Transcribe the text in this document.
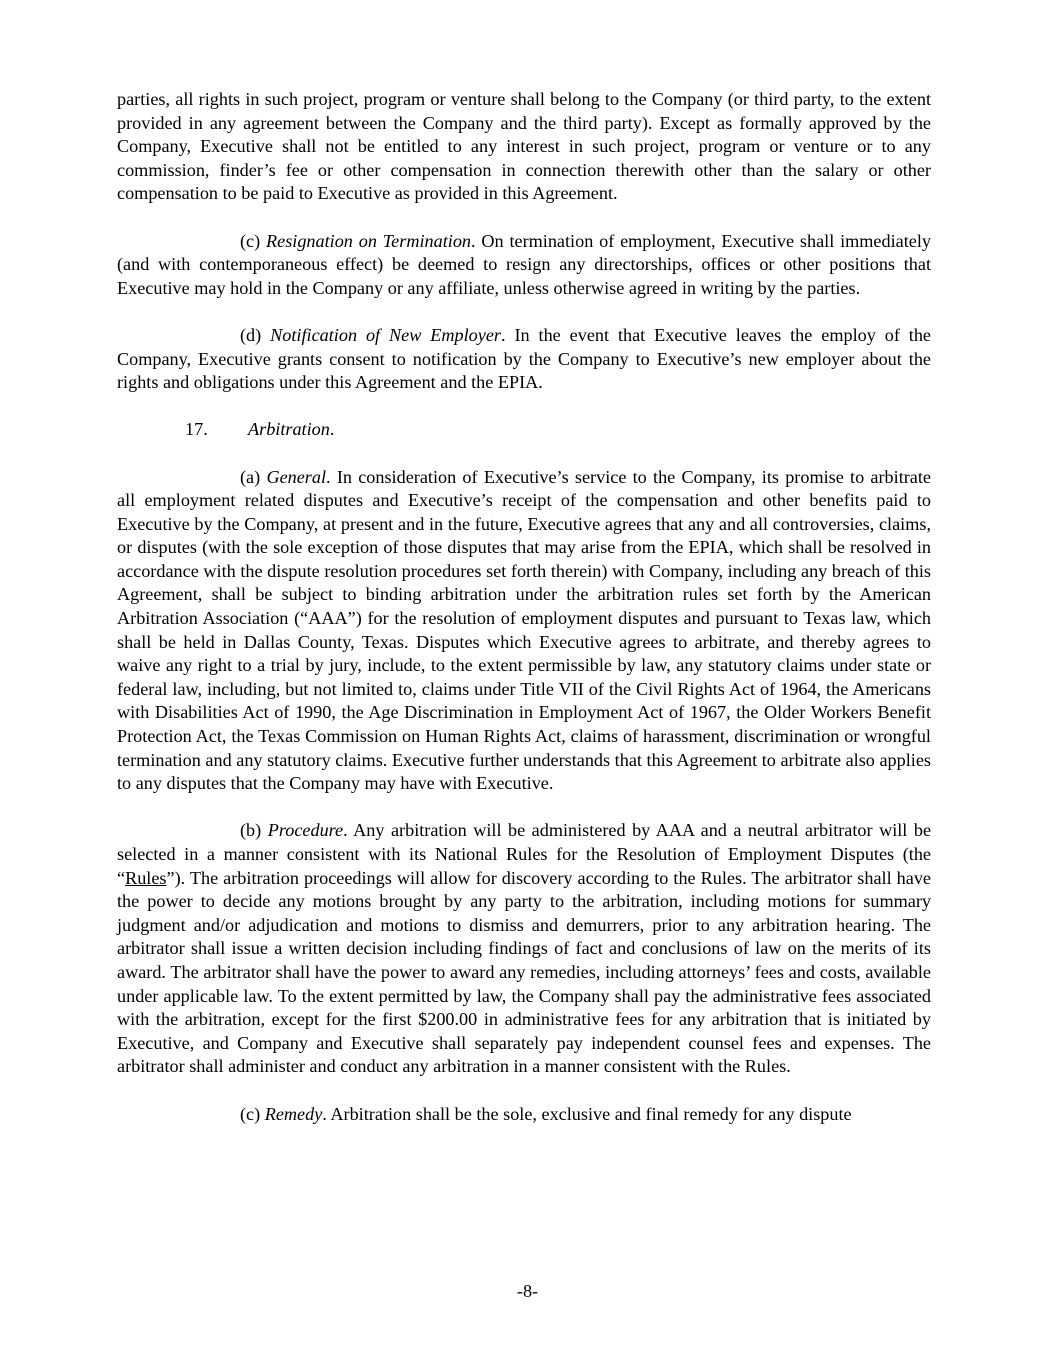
parties, all rights in such project, program or venture shall belong to the Company (or third party, to the extent provided in any agreement between the Company and the third party). Except as formally approved by the Company, Executive shall not be entitled to any interest in such project, program or venture or to any commission, finder’s fee or other compensation in connection therewith other than the salary or other compensation to be paid to Executive as provided in this Agreement.

(c) Resignation on Termination. On termination of employment, Executive shall immediately (and with contemporaneous effect) be deemed to resign any directorships, offices or other positions that Executive may hold in the Company or any affiliate, unless otherwise agreed in writing by the parties.

(d) Notification of New Employer. In the event that Executive leaves the employ of the Company, Executive grants consent to notification by the Company to Executive’s new employer about the rights and obligations under this Agreement and the EPIA.

17. Arbitration.

(a) General. In consideration of Executive’s service to the Company, its promise to arbitrate all employment related disputes and Executive’s receipt of the compensation and other benefits paid to Executive by the Company, at present and in the future, Executive agrees that any and all controversies, claims, or disputes (with the sole exception of those disputes that may arise from the EPIA, which shall be resolved in accordance with the dispute resolution procedures set forth therein) with Company, including any breach of this Agreement, shall be subject to binding arbitration under the arbitration rules set forth by the American Arbitration Association (“AAA”) for the resolution of employment disputes and pursuant to Texas law, which shall be held in Dallas County, Texas. Disputes which Executive agrees to arbitrate, and thereby agrees to waive any right to a trial by jury, include, to the extent permissible by law, any statutory claims under state or federal law, including, but not limited to, claims under Title VII of the Civil Rights Act of 1964, the Americans with Disabilities Act of 1990, the Age Discrimination in Employment Act of 1967, the Older Workers Benefit Protection Act, the Texas Commission on Human Rights Act, claims of harassment, discrimination or wrongful termination and any statutory claims. Executive further understands that this Agreement to arbitrate also applies to any disputes that the Company may have with Executive.

(b) Procedure. Any arbitration will be administered by AAA and a neutral arbitrator will be selected in a manner consistent with its National Rules for the Resolution of Employment Disputes (the “Rules”). The arbitration proceedings will allow for discovery according to the Rules. The arbitrator shall have the power to decide any motions brought by any party to the arbitration, including motions for summary judgment and/or adjudication and motions to dismiss and demurrers, prior to any arbitration hearing. The arbitrator shall issue a written decision including findings of fact and conclusions of law on the merits of its award. The arbitrator shall have the power to award any remedies, including attorneys’ fees and costs, available under applicable law. To the extent permitted by law, the Company shall pay the administrative fees associated with the arbitration, except for the first $200.00 in administrative fees for any arbitration that is initiated by Executive, and Company and Executive shall separately pay independent counsel fees and expenses. The arbitrator shall administer and conduct any arbitration in a manner consistent with the Rules.

(c) Remedy. Arbitration shall be the sole, exclusive and final remedy for any dispute

-8-
